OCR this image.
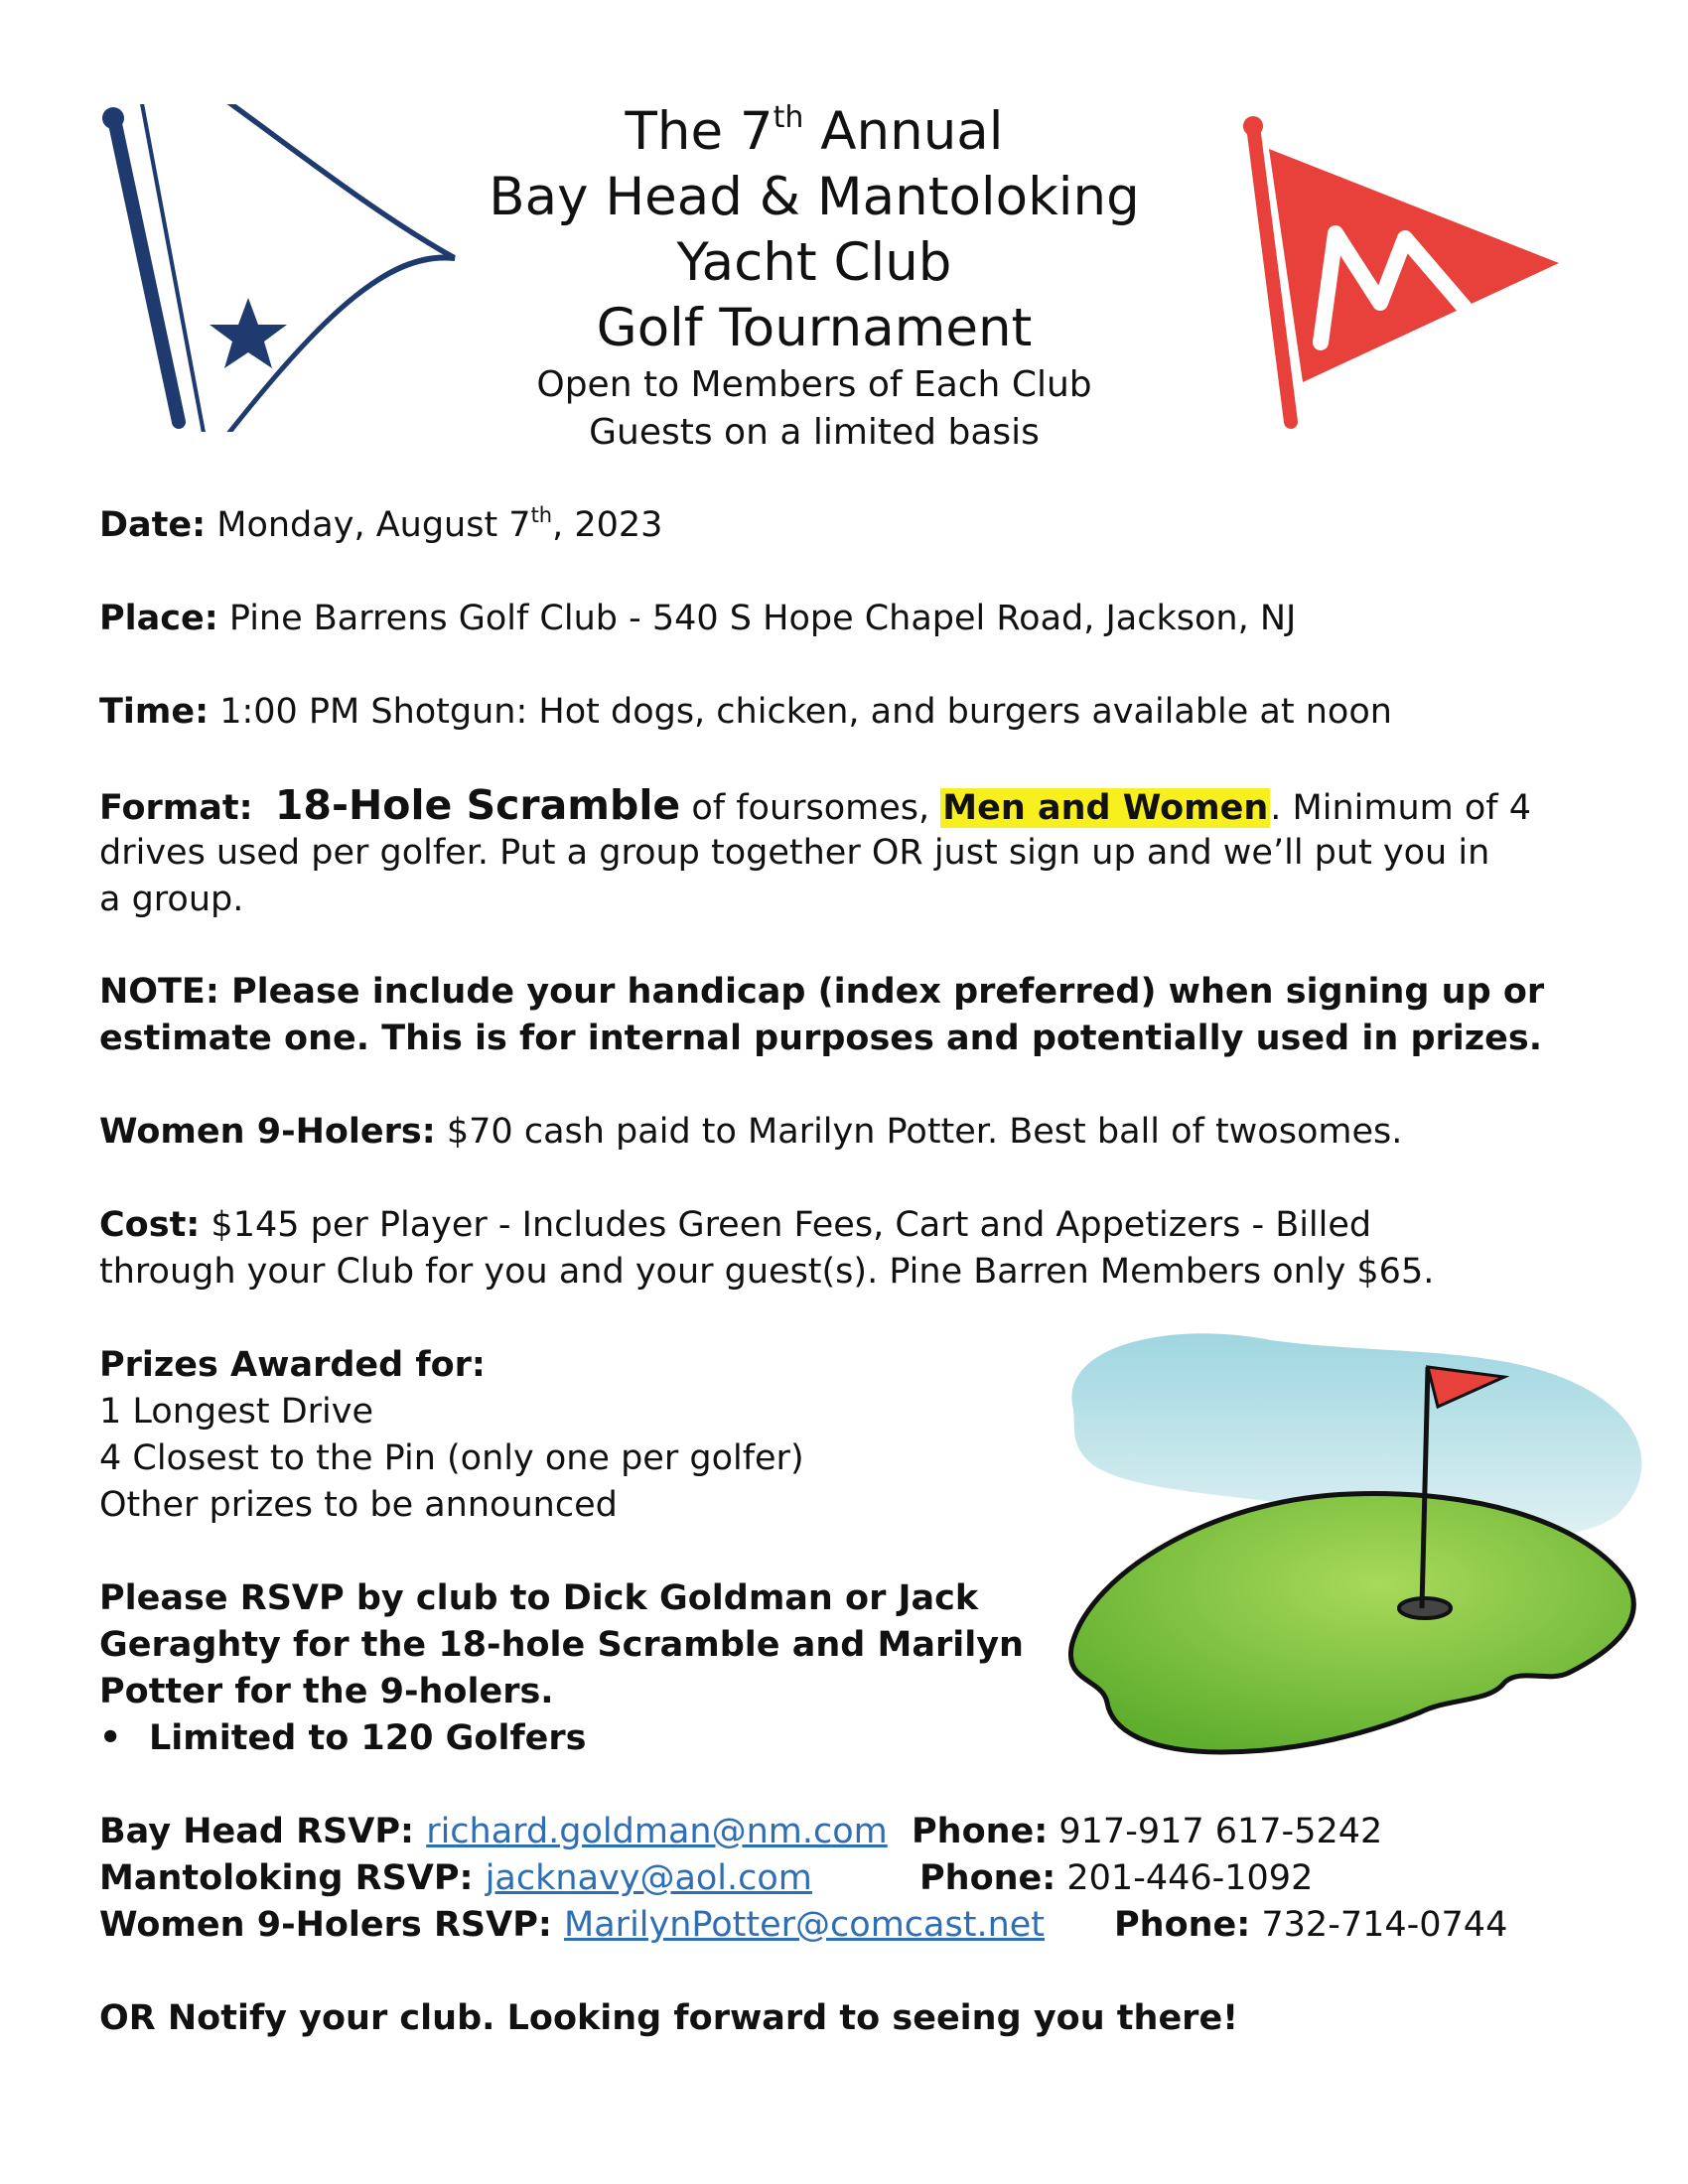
The 7th Annual
Bay Head & Mantoloking
Yacht Club
Golf Tournament
Open to Members of Each Club
Guests on a limited basis
Date: Monday, August 7th, 2023
Place: Pine Barrens Golf Club - 540 S Hope Chapel Road, Jackson, NJ
Time: 1:00 PM Shotgun: Hot dogs, chicken, and burgers available at noon
Format: 18-Hole Scramble of foursomes, Men and Women. Minimum of 4
drives used per golfer. Put a group together OR just sign up and we’ll put you in
a group.
NOTE: Please include your handicap (index preferred) when signing up or
estimate one. This is for internal purposes and potentially used in prizes.
Women 9-Holers: $70 cash paid to Marilyn Potter. Best ball of twosomes.
Cost: $145 per Player - Includes Green Fees, Cart and Appetizers - Billed
through your Club for you and your guest(s). Pine Barren Members only $65.
Prizes Awarded for:
1 Longest Drive
4 Closest to the Pin (only one per golfer)
Other prizes to be announced
Please RSVP by club to Dick Goldman or Jack
Geraghty for the 18-hole Scramble and Marilyn
Potter for the 9-holers.
• Limited to 120 Golfers
Bay Head RSVP: richard.goldman@nm.com Phone: 917-917 617-5242
Mantoloking RSVP: jacknavy@aol.com	Phone: 201-446-1092
Women 9-Holers RSVP: MarilynPotter@comcast.net	Phone: 732-714-0744
OR Notify your club. Looking forward to seeing you there!
